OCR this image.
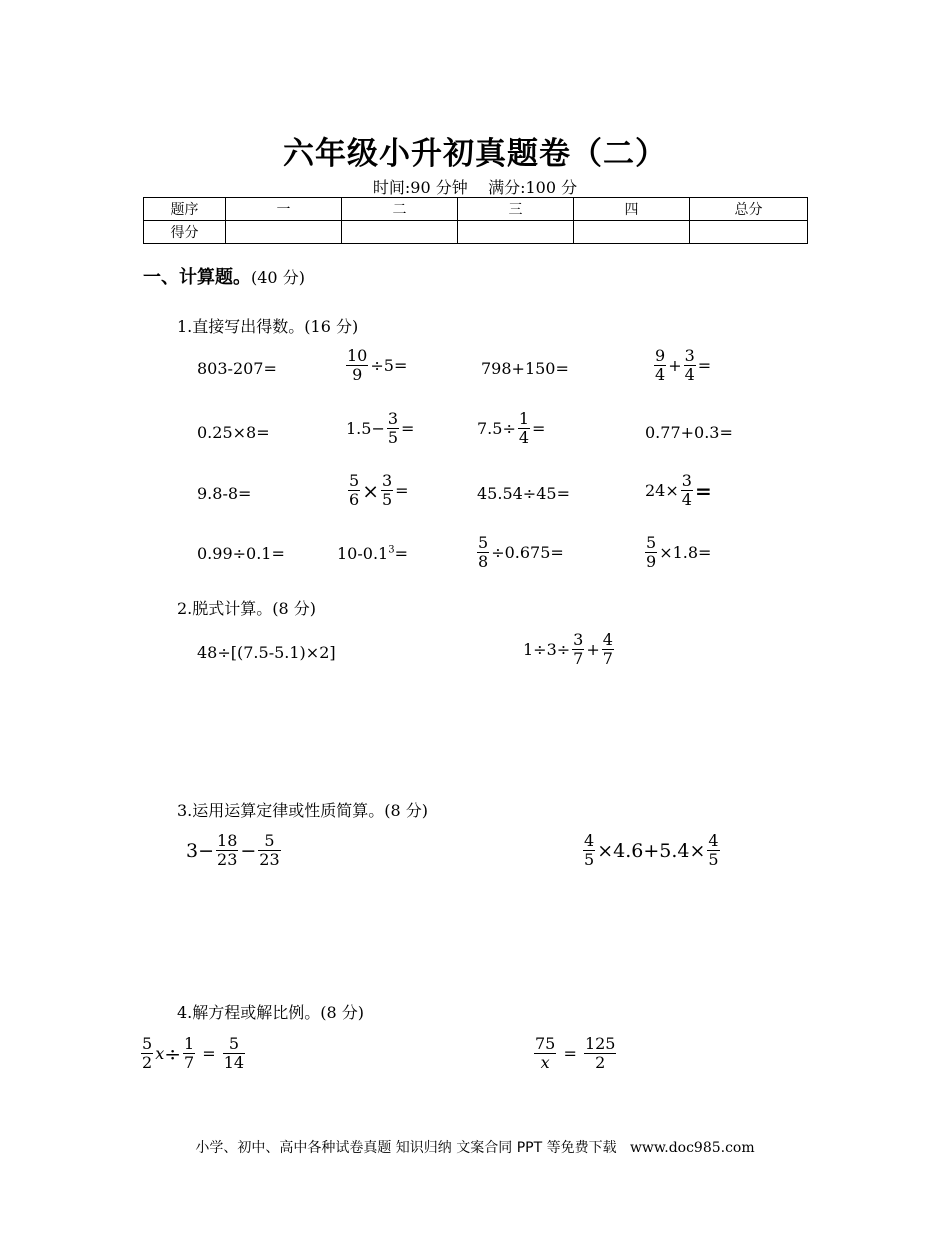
六年级小升初真题卷（二）
时间:90 分钟    满分:100 分
题序	一	二	三	四	总分
得分					
一、计算题。(40 分)
1.直接写出得数。(16 分)
803-207=	$\frac{10}{9} \div 5=$	798+150=	$\frac{9}{4} + \frac{3}{4}$ =
0.25×8=	$1.5- \frac{3}{5}$ =	$7.5\div \frac{1}{4}$ =	0.77+0.3=
9.8-8=	$\frac{5}{6} \times \frac{3}{5}$ =	45.54÷45=	$24\times \frac{3}{4}$ =
0.99÷0.1=	$10-0.1^3=$	$\frac{5}{8} \div 0.675=$	$\frac{5}{9} \times 1.8=$
2.脱式计算。(8 分)
48÷[(7.5-5.1)×2]	$1\div 3\div \frac{3}{7} + \frac{4}{7}$
3.运用运算定律或性质简算。(8 分)
$3- \frac{18}{23} - \frac{5}{23}$	$\frac{4}{5} \times 4.6+5.4\times \frac{4}{5}$
4.解方程或解比例。(8 分)
$\frac{5}{2}$ $x \div \frac{1}{7} = \frac{5}{14}$	$\frac{75}{x} = \frac{125}{2}$
小学、初中、高中各种试卷真题 知识归纳 文案合同 PPT 等免费下载 www.doc985.com
